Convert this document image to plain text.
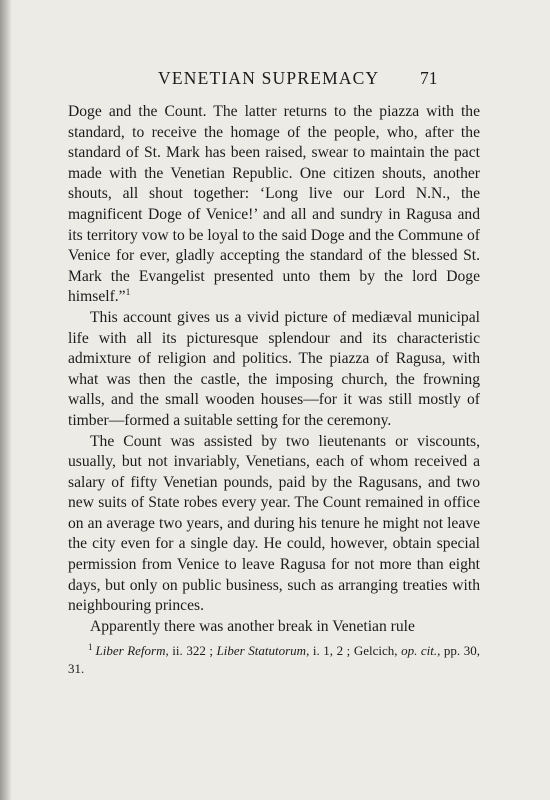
VENETIAN SUPREMACY 71

Doge and the Count. The latter returns to the piazza with the standard, to receive the homage of the people, who, after the standard of St. Mark has been raised, swear to maintain the pact made with the Venetian Republic. One citizen shouts, another shouts, all shout together: ‘Long live our Lord N.N., the magnificent Doge of Venice!’ and all and sundry in Ragusa and its territory vow to be loyal to the said Doge and the Commune of Venice for ever, gladly accepting the standard of the blessed St. Mark the Evangelist presented unto them by the lord Doge himself.”$^1$

This account gives us a vivid picture of mediæval municipal life with all its picturesque splendour and its characteristic admixture of religion and politics. The piazza of Ragusa, with what was then the castle, the imposing church, the frowning walls, and the small wooden houses—for it was still mostly of timber—formed a suitable setting for the ceremony.

The Count was assisted by two lieutenants or viscounts, usually, but not invariably, Venetians, each of whom received a salary of fifty Venetian pounds, paid by the Ragusans, and two new suits of State robes every year. The Count remained in office on an average two years, and during his tenure he might not leave the city even for a single day. He could, however, obtain special permission from Venice to leave Ragusa for not more than eight days, but only on public business, such as arranging treaties with neighbouring princes.

Apparently there was another break in Venetian rule

$^1$ Liber Reform, ii. 322 ; Liber Statutorum, i. 1, 2 ; Gelcich, op. cit., pp. 30, 31.
